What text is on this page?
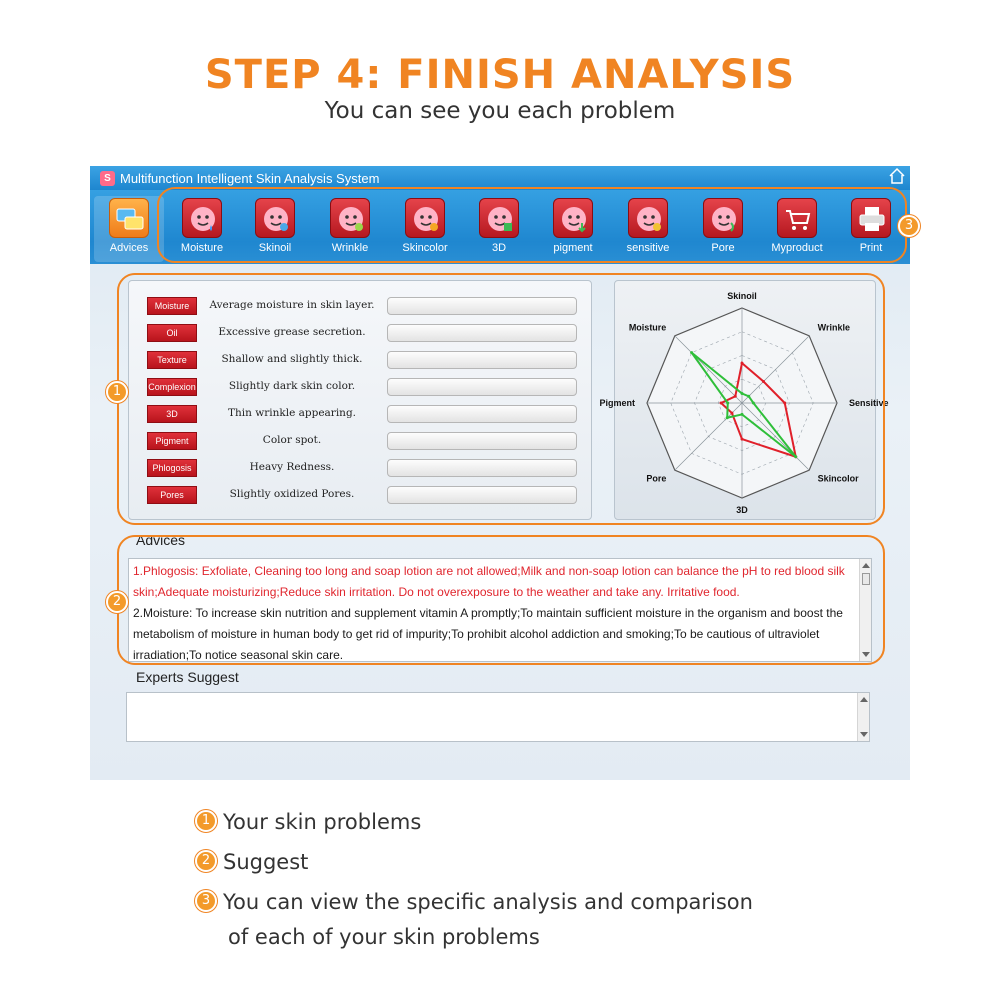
STEP 4: FINISH ANALYSIS
You can see you each problem
S Multifunction Intelligent Skin Analysis System
Advices	Moisture	Skinoil	Wrinkle	Skincolor	3D	pigment	sensitive	Pore	Myproduct	Print
Moisture	Average moisture in skin layer.
Oil	Excessive grease secretion.
Texture	Shallow and slightly thick.
Complexion	Slightly dark skin color.
3D	Thin wrinkle appearing.
Pigment	Color spot.
Phlogosis	Heavy Redness.
Pores	Slightly oxidized Pores.
Skinoil
Wrinkle
Sensitive
Skincolor
3D
Pore
Pigment
Moisture
Advices
1.Phlogosis: Exfoliate, Cleaning too long and soap lotion are not allowed;Milk and non-soap lotion can balance the pH to red blood silk skin;Adequate moisturizing;Reduce skin irritation. Do not overexposure to the weather and take any. Irritative food.
2.Moisture: To increase skin nutrition and supplement vitamin A promptly;To maintain sufficient moisture in the organism and boost the metabolism of moisture in human body to get rid of impurity;To prohibit alcohol addiction and smoking;To be cautious of ultraviolet irradiation;To notice seasonal skin care.
Experts Suggest
3
1
2
1 Your skin problems
2 Suggest
3 You can view the specific analysis and comparison
of each of your skin problems
